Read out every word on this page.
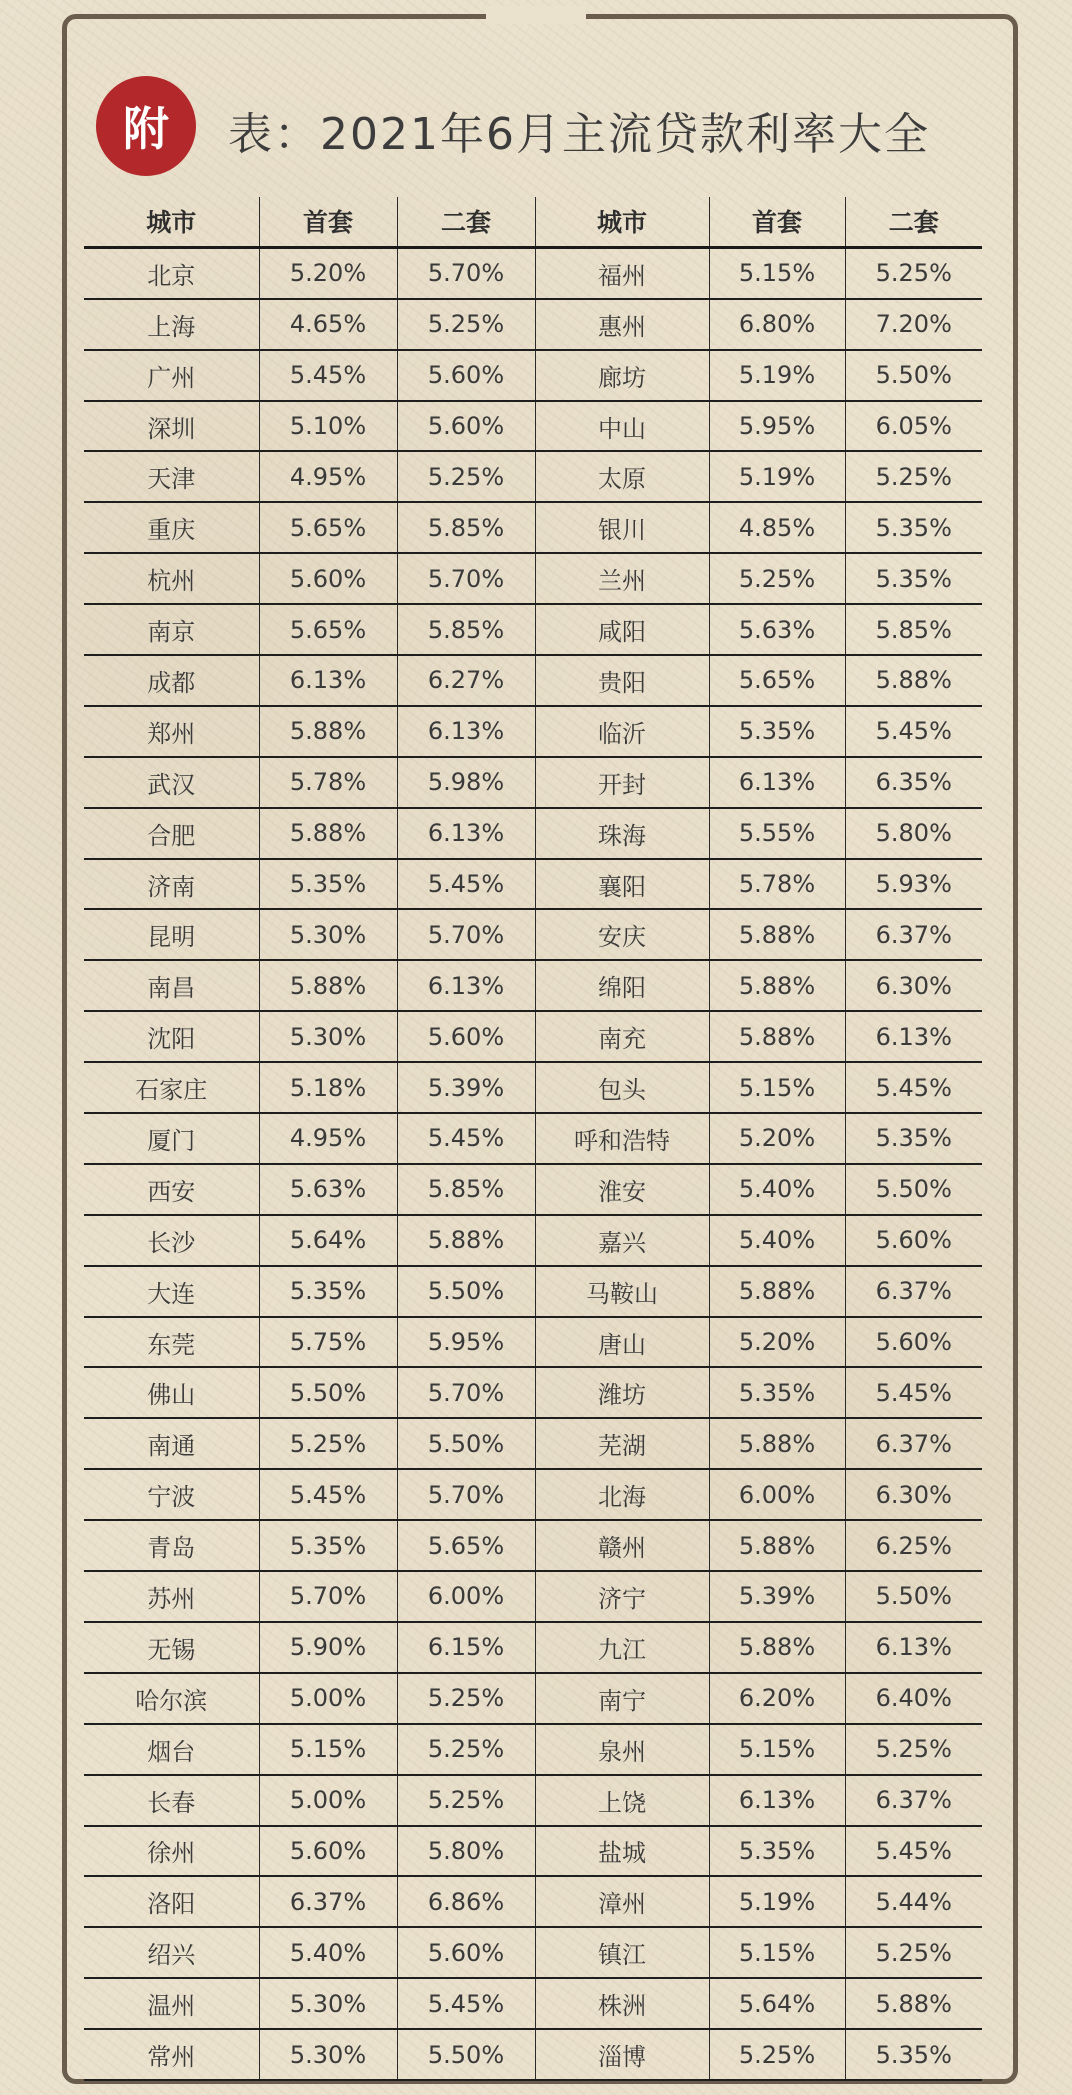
附	表：2021年6月主流贷款利率大全
城市	首套	二套	城市	首套	二套
北京	5.20%	5.70%	福州	5.15%	5.25%
上海	4.65%	5.25%	惠州	6.80%	7.20%
广州	5.45%	5.60%	廊坊	5.19%	5.50%
深圳	5.10%	5.60%	中山	5.95%	6.05%
天津	4.95%	5.25%	太原	5.19%	5.25%
重庆	5.65%	5.85%	银川	4.85%	5.35%
杭州	5.60%	5.70%	兰州	5.25%	5.35%
南京	5.65%	5.85%	咸阳	5.63%	5.85%
成都	6.13%	6.27%	贵阳	5.65%	5.88%
郑州	5.88%	6.13%	临沂	5.35%	5.45%
武汉	5.78%	5.98%	开封	6.13%	6.35%
合肥	5.88%	6.13%	珠海	5.55%	5.80%
济南	5.35%	5.45%	襄阳	5.78%	5.93%
昆明	5.30%	5.70%	安庆	5.88%	6.37%
南昌	5.88%	6.13%	绵阳	5.88%	6.30%
沈阳	5.30%	5.60%	南充	5.88%	6.13%
石家庄	5.18%	5.39%	包头	5.15%	5.45%
厦门	4.95%	5.45%	呼和浩特	5.20%	5.35%
西安	5.63%	5.85%	淮安	5.40%	5.50%
长沙	5.64%	5.88%	嘉兴	5.40%	5.60%
大连	5.35%	5.50%	马鞍山	5.88%	6.37%
东莞	5.75%	5.95%	唐山	5.20%	5.60%
佛山	5.50%	5.70%	潍坊	5.35%	5.45%
南通	5.25%	5.50%	芜湖	5.88%	6.37%
宁波	5.45%	5.70%	北海	6.00%	6.30%
青岛	5.35%	5.65%	赣州	5.88%	6.25%
苏州	5.70%	6.00%	济宁	5.39%	5.50%
无锡	5.90%	6.15%	九江	5.88%	6.13%
哈尔滨	5.00%	5.25%	南宁	6.20%	6.40%
烟台	5.15%	5.25%	泉州	5.15%	5.25%
长春	5.00%	5.25%	上饶	6.13%	6.37%
徐州	5.60%	5.80%	盐城	5.35%	5.45%
洛阳	6.37%	6.86%	漳州	5.19%	5.44%
绍兴	5.40%	5.60%	镇江	5.15%	5.25%
温州	5.30%	5.45%	株洲	5.64%	5.88%
常州	5.30%	5.50%	淄博	5.25%	5.35%
